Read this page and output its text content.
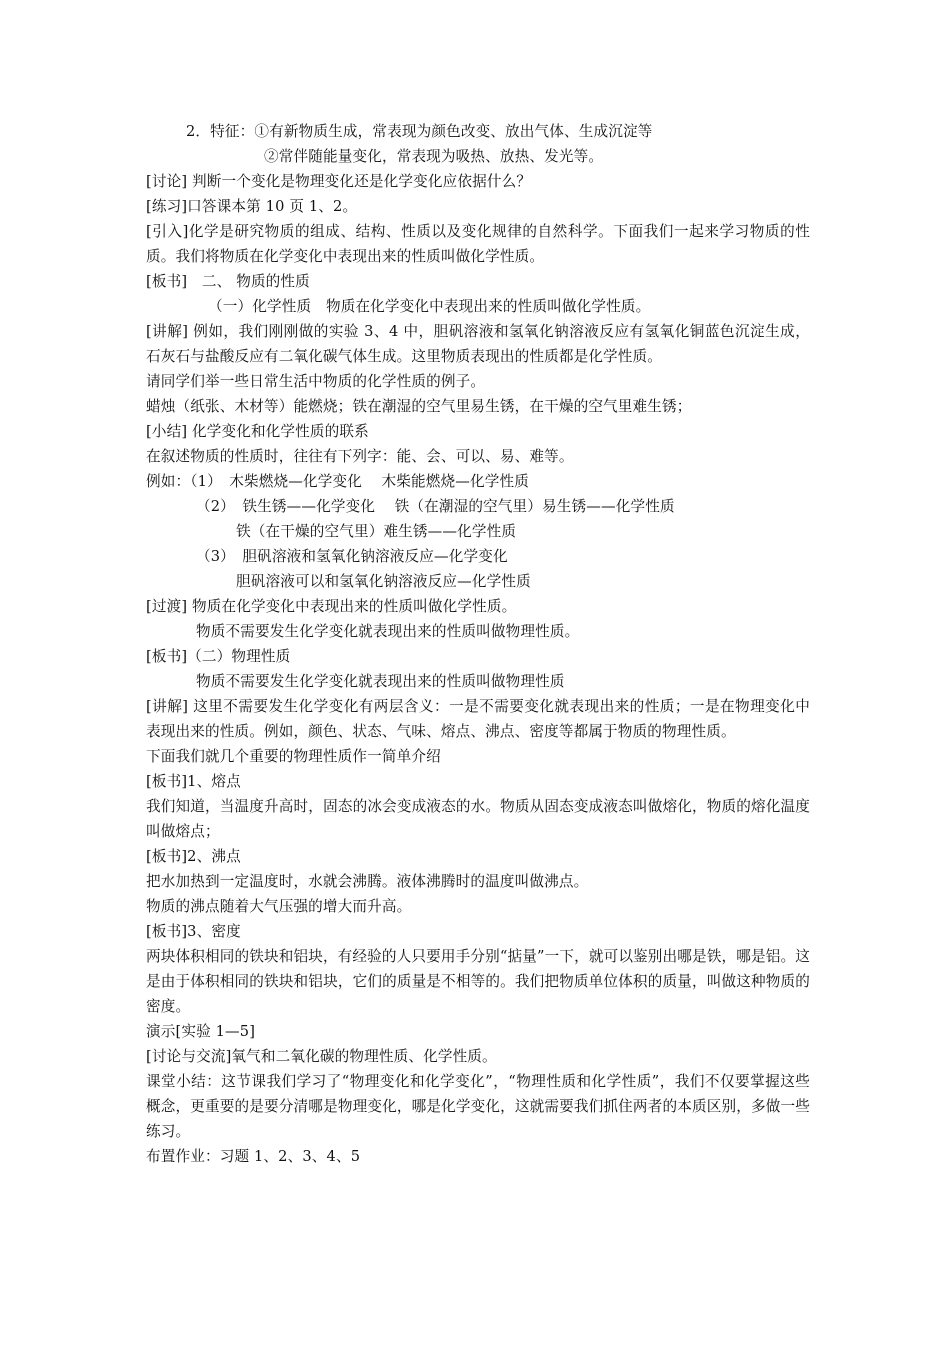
2．特征：①有新物质生成，常表现为颜色改变、放出气体、生成沉淀等
②常伴随能量变化，常表现为吸热、放热、发光等。
[讨论] 判断一个变化是物理变化还是化学变化应依据什么？
[练习]口答课本第 10 页 1、2。
[引入]化学是研究物质的组成、结构、性质以及变化规律的自然科学。下面我们一起来学习物质的性质。我们将物质在化学变化中表现出来的性质叫做化学性质。
[板书]　二、 物质的性质
（一）化学性质　物质在化学变化中表现出来的性质叫做化学性质。
[讲解] 例如，我们刚刚做的实验 3、4 中，胆矾溶液和氢氧化钠溶液反应有氢氧化铜蓝色沉淀生成，石灰石与盐酸反应有二氧化碳气体生成。这里物质表现出的性质都是化学性质。
请同学们举一些日常生活中物质的化学性质的例子。
蜡烛（纸张、木材等）能燃烧；铁在潮湿的空气里易生锈，在干燥的空气里难生锈；
[小结] 化学变化和化学性质的联系
在叙述物质的性质时，往往有下列字：能、会、可以、易、难等。
例如：（1）　木柴燃烧—化学变化　 木柴能燃烧—化学性质
（2）　铁生锈——化学变化　 铁（在潮湿的空气里）易生锈——化学性质
铁（在干燥的空气里）难生锈——化学性质
（3）　胆矾溶液和氢氧化钠溶液反应—化学变化
胆矾溶液可以和氢氧化钠溶液反应—化学性质
[过渡] 物质在化学变化中表现出来的性质叫做化学性质。
物质不需要发生化学变化就表现出来的性质叫做物理性质。
[板书]（二）物理性质
物质不需要发生化学变化就表现出来的性质叫做物理性质
[讲解] 这里不需要发生化学变化有两层含义：一是不需要变化就表现出来的性质；一是在物理变化中表现出来的性质。例如，颜色、状态、气味、熔点、沸点、密度等都属于物质的物理性质。
下面我们就几个重要的物理性质作一简单介绍
[板书]1、熔点
我们知道，当温度升高时，固态的冰会变成液态的水。物质从固态变成液态叫做熔化，物质的熔化温度叫做熔点；
[板书]2、沸点
把水加热到一定温度时，水就会沸腾。液体沸腾时的温度叫做沸点。
物质的沸点随着大气压强的增大而升高。
[板书]3、密度
两块体积相同的铁块和铝块，有经验的人只要用手分别“掂量”一下，就可以鉴别出哪是铁，哪是铝。这是由于体积相同的铁块和铝块，它们的质量是不相等的。我们把物质单位体积的质量，叫做这种物质的密度。
演示[实验 1—5]
[讨论与交流]氧气和二氧化碳的物理性质、化学性质。
课堂小结：这节课我们学习了“物理变化和化学变化”，“物理性质和化学性质”，我们不仅要掌握这些概念，更重要的是要分清哪是物理变化，哪是化学变化，这就需要我们抓住两者的本质区别，多做一些练习。
布置作业：习题 1、2、3、4、5
